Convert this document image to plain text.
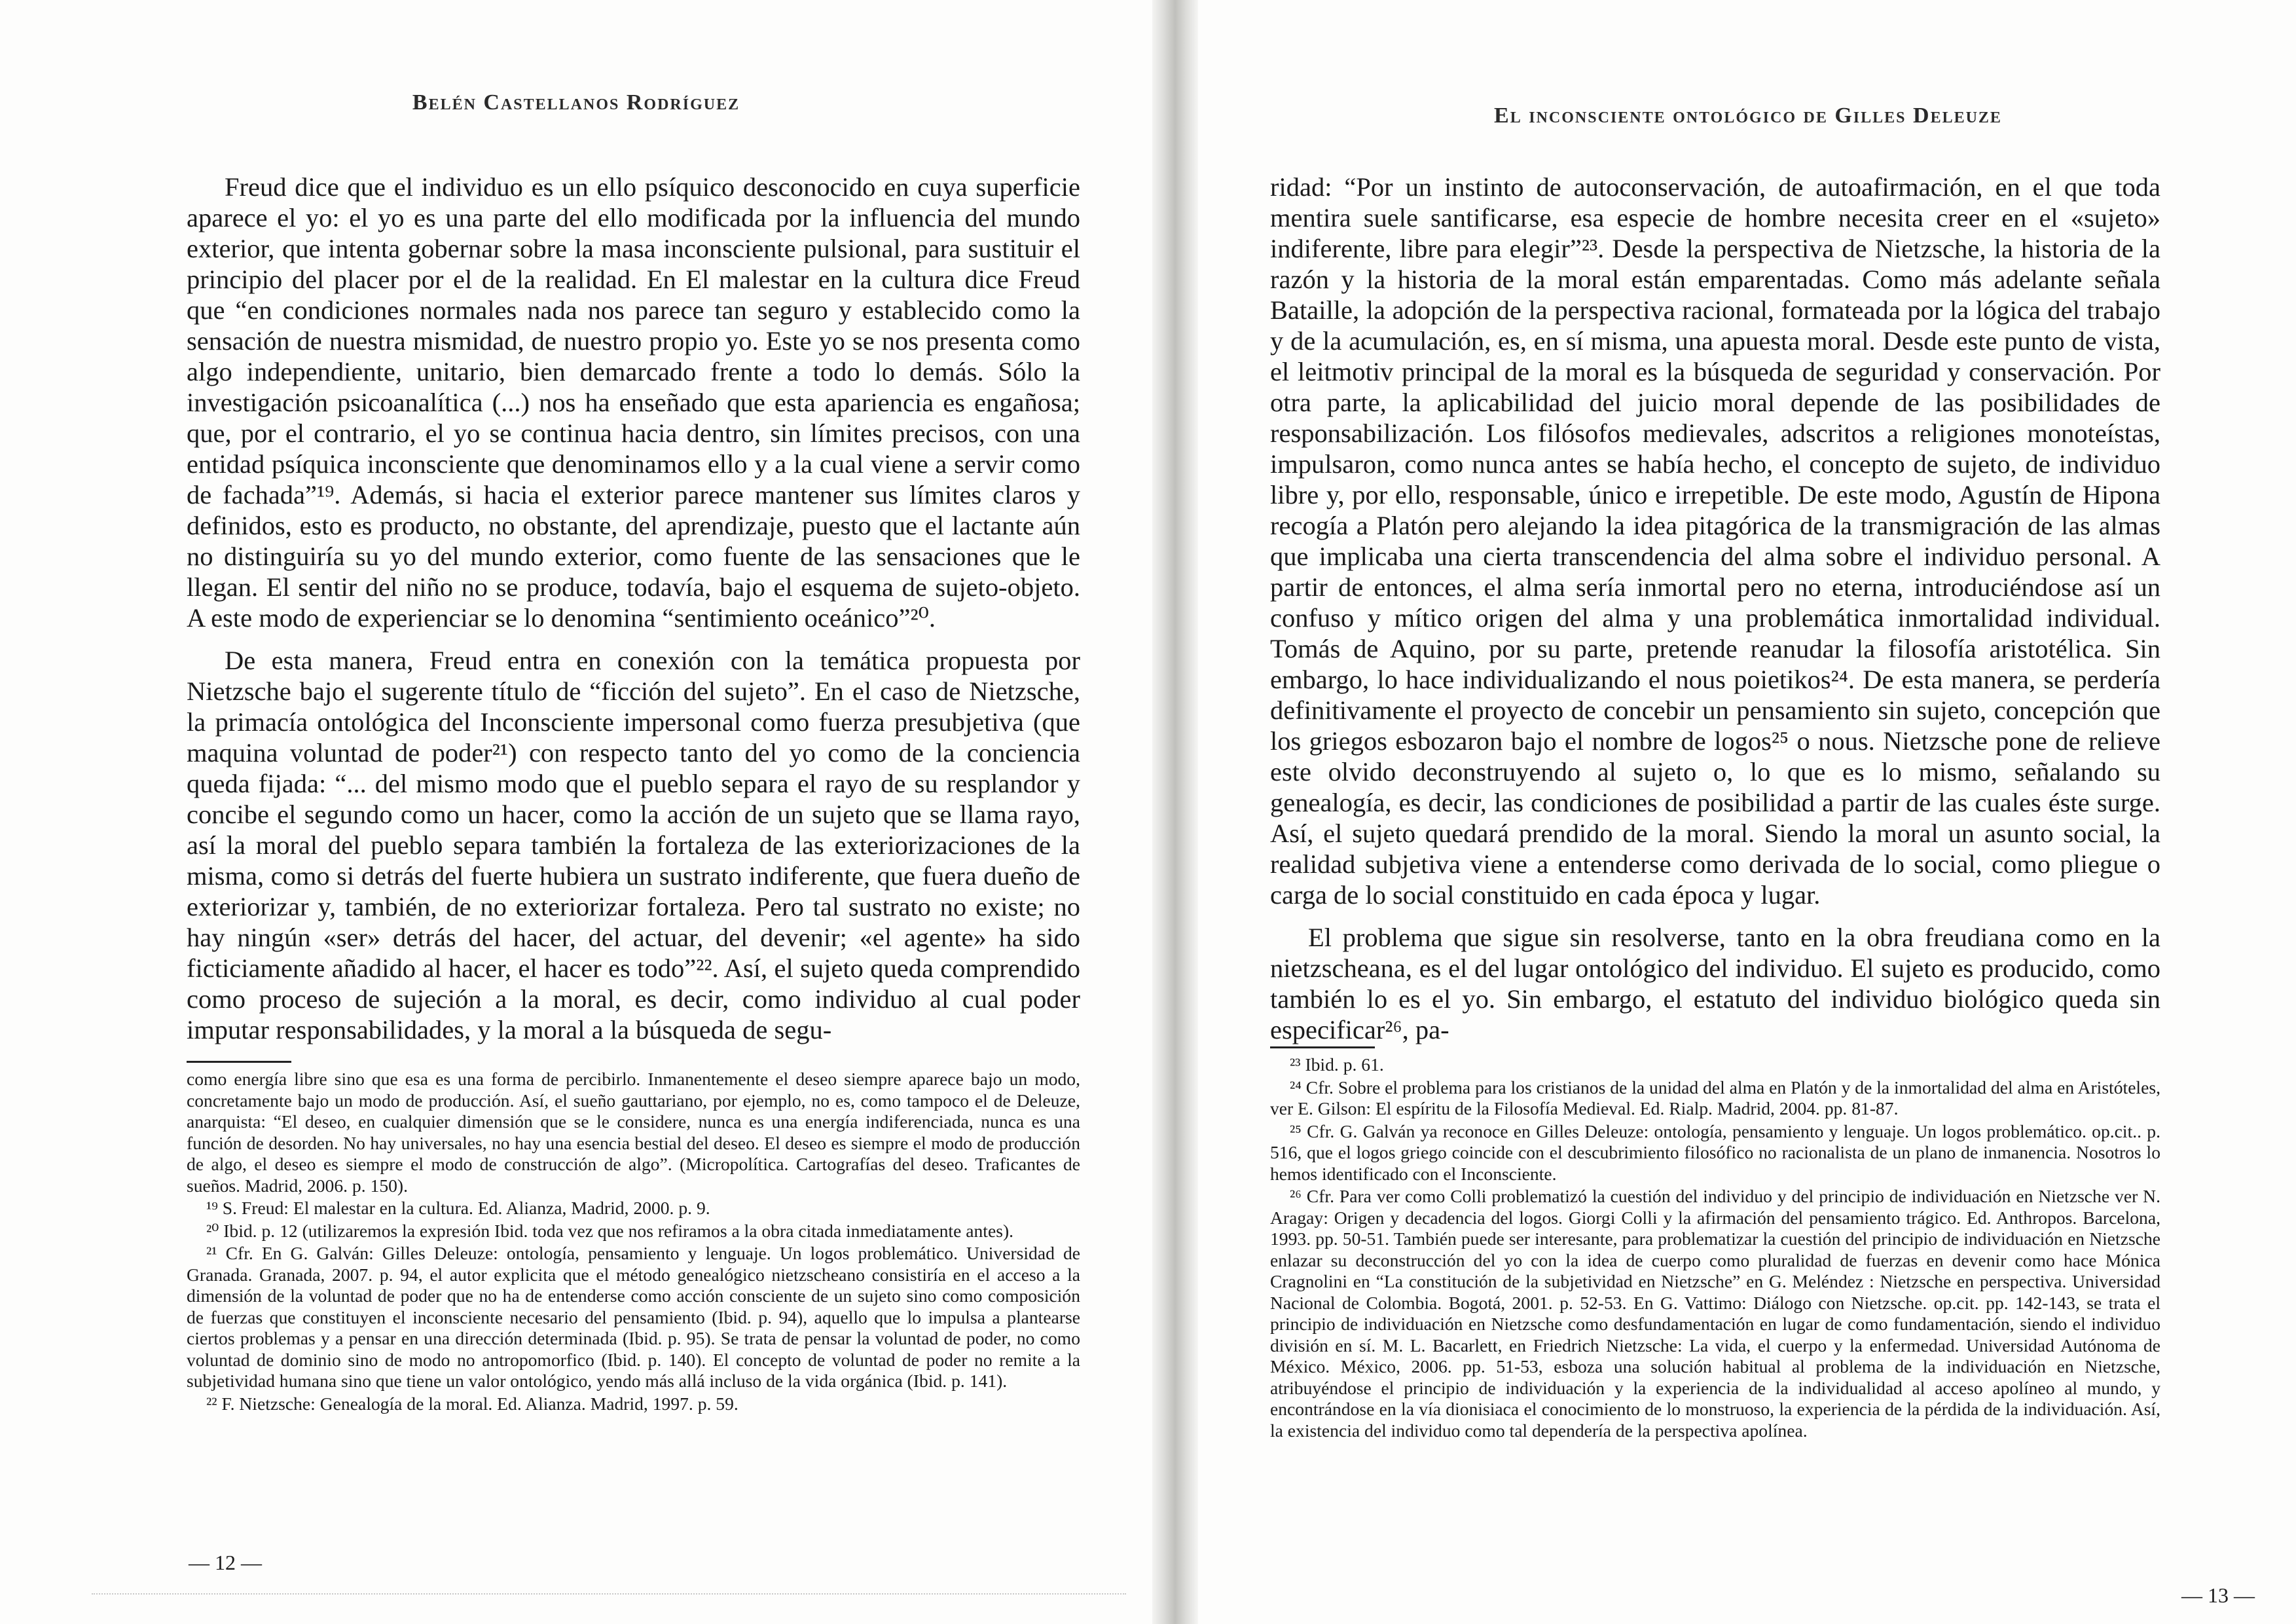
Belén Castellanos Rodríguez

Freud dice que el individuo es un ello psíquico desconocido en cuya superficie aparece el yo: el yo es una parte del ello modificada por la influencia del mundo exterior, que intenta gobernar sobre la masa inconsciente pulsional, para sustituir el principio del placer por el de la realidad. En El malestar en la cultura dice Freud que “en condiciones normales nada nos parece tan seguro y establecido como la sensación de nuestra mismidad, de nuestro propio yo. Este yo se nos presenta como algo independiente, unitario, bien demarcado frente a todo lo demás. Sólo la investigación psicoanalítica (...) nos ha enseñado que esta apariencia es engañosa; que, por el contrario, el yo se continua hacia dentro, sin límites precisos, con una entidad psíquica inconsciente que denominamos ello y a la cual viene a servir como de fachada”¹⁹. Además, si hacia el exterior parece mantener sus límites claros y definidos, esto es producto, no obstante, del aprendizaje, puesto que el lactante aún no distinguiría su yo del mundo exterior, como fuente de las sensaciones que le llegan. El sentir del niño no se produce, todavía, bajo el esquema de sujeto-objeto. A este modo de experienciar se lo denomina “sentimiento oceánico”²⁰.

De esta manera, Freud entra en conexión con la temática propuesta por Nietzsche bajo el sugerente título de “ficción del sujeto”. En el caso de Nietzsche, la primacía ontológica del Inconsciente impersonal como fuerza presubjetiva (que maquina voluntad de poder²¹) con respecto tanto del yo como de la conciencia queda fijada: “... del mismo modo que el pueblo separa el rayo de su resplandor y concibe el segundo como un hacer, como la acción de un sujeto que se llama rayo, así la moral del pueblo separa también la fortaleza de las exteriorizaciones de la misma, como si detrás del fuerte hubiera un sustrato indiferente, que fuera dueño de exteriorizar y, también, de no exteriorizar fortaleza. Pero tal sustrato no existe; no hay ningún «ser» detrás del hacer, del actuar, del devenir; «el agente» ha sido ficticiamente añadido al hacer, el hacer es todo”²². Así, el sujeto queda comprendido como proceso de sujeción a la moral, es decir, como individuo al cual poder imputar responsabilidades, y la moral a la búsqueda de segu-

como energía libre sino que esa es una forma de percibirlo. Inmanentemente el deseo siempre aparece bajo un modo, concretamente bajo un modo de producción. Así, el sueño gauttariano, por ejemplo, no es, como tampoco el de Deleuze, anarquista: “El deseo, en cualquier dimensión que se le considere, nunca es una energía indiferenciada, nunca es una función de desorden. No hay universales, no hay una esencia bestial del deseo. El deseo es siempre el modo de producción de algo, el deseo es siempre el modo de construcción de algo”. (Micropolítica. Cartografías del deseo. Traficantes de sueños. Madrid, 2006. p. 150).

¹⁹ S. Freud: El malestar en la cultura. Ed. Alianza, Madrid, 2000. p. 9.

²⁰ Ibid. p. 12 (utilizaremos la expresión Ibid. toda vez que nos refiramos a la obra citada inmediatamente antes).

²¹ Cfr. En G. Galván: Gilles Deleuze: ontología, pensamiento y lenguaje. Un logos problemático. Universidad de Granada. Granada, 2007. p. 94, el autor explicita que el método genealógico nietzscheano consistiría en el acceso a la dimensión de la voluntad de poder que no ha de entenderse como acción consciente de un sujeto sino como composición de fuerzas que constituyen el inconsciente necesario del pensamiento (Ibid. p. 94), aquello que lo impulsa a plantearse ciertos problemas y a pensar en una dirección determinada (Ibid. p. 95). Se trata de pensar la voluntad de poder, no como voluntad de dominio sino de modo no antropomorfico (Ibid. p. 140). El concepto de voluntad de poder no remite a la subjetividad humana sino que tiene un valor ontológico, yendo más allá incluso de la vida orgánica (Ibid. p. 141).

²² F. Nietzsche: Genealogía de la moral. Ed. Alianza. Madrid, 1997. p. 59.

— 12 —
El inconsciente ontológico de Gilles Deleuze

ridad: “Por un instinto de autoconservación, de autoafirmación, en el que toda mentira suele santificarse, esa especie de hombre necesita creer en el «sujeto» indiferente, libre para elegir”²³. Desde la perspectiva de Nietzsche, la historia de la razón y la historia de la moral están emparentadas. Como más adelante señala Bataille, la adopción de la perspectiva racional, formateada por la lógica del trabajo y de la acumulación, es, en sí misma, una apuesta moral. Desde este punto de vista, el leitmotiv principal de la moral es la búsqueda de seguridad y conservación. Por otra parte, la aplicabilidad del juicio moral depende de las posibilidades de responsabilización. Los filósofos medievales, adscritos a religiones monoteístas, impulsaron, como nunca antes se había hecho, el concepto de sujeto, de individuo libre y, por ello, responsable, único e irrepetible. De este modo, Agustín de Hipona recogía a Platón pero alejando la idea pitagórica de la transmigración de las almas que implicaba una cierta transcendencia del alma sobre el individuo personal. A partir de entonces, el alma sería inmortal pero no eterna, introduciéndose así un confuso y mítico origen del alma y una problemática inmortalidad individual. Tomás de Aquino, por su parte, pretende reanudar la filosofía aristotélica. Sin embargo, lo hace individualizando el nous poietikos²⁴. De esta manera, se perdería definitivamente el proyecto de concebir un pensamiento sin sujeto, concepción que los griegos esbozaron bajo el nombre de logos²⁵ o nous. Nietzsche pone de relieve este olvido deconstruyendo al sujeto o, lo que es lo mismo, señalando su genealogía, es decir, las condiciones de posibilidad a partir de las cuales éste surge. Así, el sujeto quedará prendido de la moral. Siendo la moral un asunto social, la realidad subjetiva viene a entenderse como derivada de lo social, como pliegue o carga de lo social constituido en cada época y lugar.

El problema que sigue sin resolverse, tanto en la obra freudiana como en la nietzscheana, es el del lugar ontológico del individuo. El sujeto es producido, como también lo es el yo. Sin embargo, el estatuto del individuo biológico queda sin especificar²⁶, pa-

²³ Ibid. p. 61.

²⁴ Cfr. Sobre el problema para los cristianos de la unidad del alma en Platón y de la inmortalidad del alma en Aristóteles, ver E. Gilson: El espíritu de la Filosofía Medieval. Ed. Rialp. Madrid, 2004. pp. 81-87.

²⁵ Cfr. G. Galván ya reconoce en Gilles Deleuze: ontología, pensamiento y lenguaje. Un logos problemático. op.cit.. p. 516, que el logos griego coincide con el descubrimiento filosófico no racionalista de un plano de inmanencia. Nosotros lo hemos identificado con el Inconsciente.

²⁶ Cfr. Para ver como Colli problematizó la cuestión del individuo y del principio de individuación en Nietzsche ver N. Aragay: Origen y decadencia del logos. Giorgi Colli y la afirmación del pensamiento trágico. Ed. Anthropos. Barcelona, 1993. pp. 50-51. También puede ser interesante, para problematizar la cuestión del principio de individuación en Nietzsche enlazar su deconstrucción del yo con la idea de cuerpo como pluralidad de fuerzas en devenir como hace Mónica Cragnolini en “La constitución de la subjetividad en Nietzsche” en G. Meléndez : Nietzsche en perspectiva. Universidad Nacional de Colombia. Bogotá, 2001. p. 52-53. En G. Vattimo: Diálogo con Nietzsche. op.cit. pp. 142-143, se trata el principio de individuación en Nietzsche como desfundamentación en lugar de como fundamentación, siendo el individuo división en sí. M. L. Bacarlett, en Friedrich Nietzsche: La vida, el cuerpo y la enfermedad. Universidad Autónoma de México. México, 2006. pp. 51-53, esboza una solución habitual al problema de la individuación en Nietzsche, atribuyéndose el principio de individuación y la experiencia de la individualidad al acceso apolíneo al mundo, y encontrándose en la vía dionisiaca el conocimiento de lo monstruoso, la experiencia de la pérdida de la individuación. Así, la existencia del individuo como tal dependería de la perspectiva apolínea.

— 13 —
